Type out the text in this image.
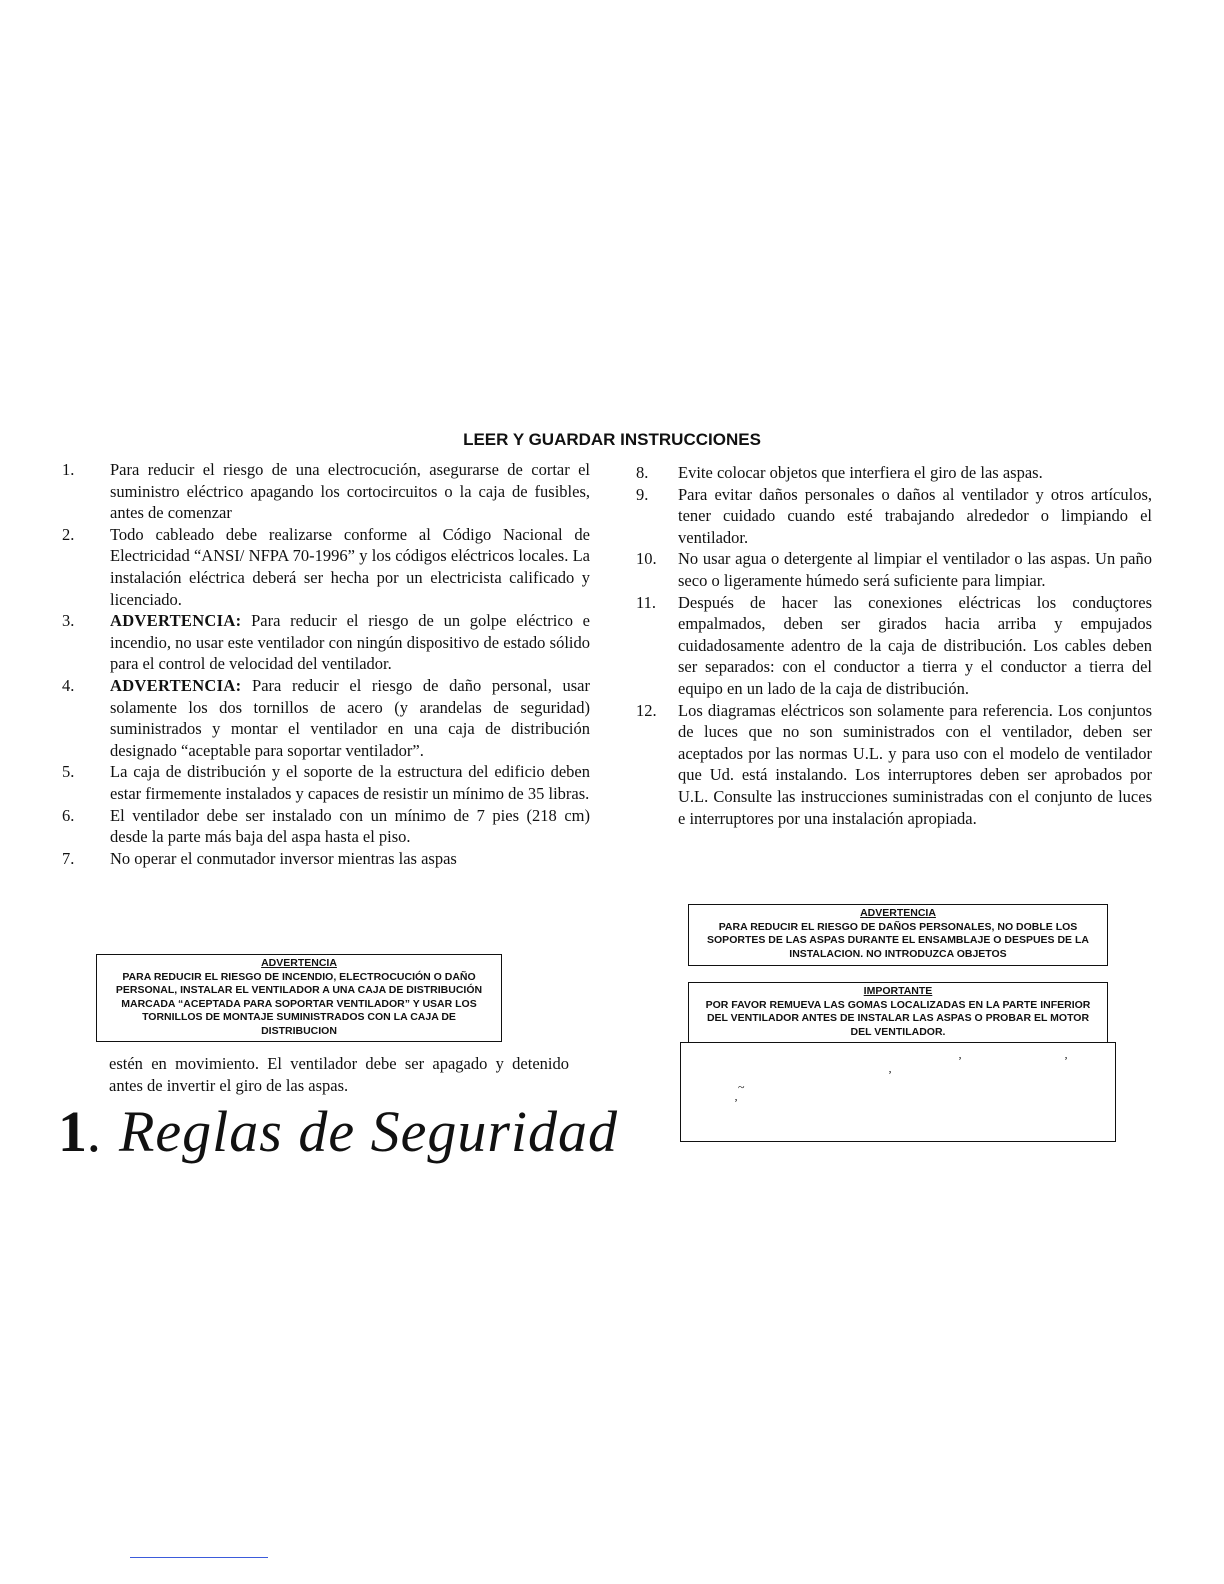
LEER Y GUARDAR INSTRUCCIONES
1.	Para reducir el riesgo de una electrocución, asegurarse de cortar el suministro eléctrico apagando los cortocircuitos o la caja de fusibles, antes de comenzar
2.	Todo cableado debe realizarse conforme al Código Nacional de Electricidad “ANSI/ NFPA 70-1996” y los códigos eléctricos locales. La instalación eléctrica deberá ser hecha por un electricista calificado y licenciado.
3.	ADVERTENCIA: Para reducir el riesgo de un golpe eléctrico e incendio, no usar este ventilador con ningún dispositivo de estado sólido para el control de velocidad del ventilador.
4.	ADVERTENCIA: Para reducir el riesgo de daño personal, usar solamente los dos tornillos de acero (y arandelas de seguridad) suministrados y montar el ventilador en una caja de distribución designado “aceptable para soportar ventilador”.
5.	La caja de distribución y el soporte de la estructura del edificio deben estar firmemente instalados y capaces de resistir un mínimo de 35 libras.
6.	El ventilador debe ser instalado con un mínimo de 7 pies (218 cm) desde la parte más baja del aspa hasta el piso.
7.	No operar el conmutador inversor mientras las aspas
ADVERTENCIA
PARA REDUCIR EL RIESGO DE INCENDIO, ELECTROCUCIÓN O DAÑO PERSONAL, INSTALAR EL VENTILADOR A UNA CAJA DE DISTRIBUCIÓN MARCADA “ACEPTADA PARA SOPORTAR VENTILADOR” Y USAR LOS TORNILLOS DE MONTAJE SUMINISTRADOS CON LA CAJA DE DISTRIBUCION
estén en movimiento. El ventilador debe ser apagado y detenido antes de invertir el giro de las aspas.
1. Reglas de Seguridad
8.	Evite colocar objetos que interfiera el giro de las aspas.
9.	Para evitar daños personales o daños al ventilador y otros artículos, tener cuidado cuando esté trabajando alrededor o limpiando el ventilador.
10.	No usar agua o detergente al limpiar el ventilador o las aspas. Un paño seco o ligeramente húmedo será suficiente para limpiar.
11.	Después de hacer las conexiones eléctricas los conduçtores empalmados, deben ser girados hacia arriba y empujados cuidadosamente adentro de la caja de distribución. Los cables deben ser separados: con el conductor a tierra y el conductor a tierra del equipo en un lado de la caja de distribución.
12.	Los diagramas eléctricos son solamente para referencia. Los conjuntos de luces que no son suministrados con el ventilador, deben ser aceptados por las normas U.L. y para uso con el modelo de ventilador que Ud. está instalando. Los interruptores deben ser aprobados por U.L. Consulte las instrucciones suministradas con el conjunto de luces e interruptores por una instalación apropiada.
ADVERTENCIA
PARA REDUCIR EL RIESGO DE DAÑOS PERSONALES, NO DOBLE LOS SOPORTES DE LAS ASPAS DURANTE EL ENSAMBLAJE O DESPUES DE LA INSTALACION. NO INTRODUZCA OBJETOS
IMPORTANTE
POR FAVOR REMUEVA LAS GOMAS LOCALIZADAS EN LA PARTE INFERIOR DEL VENTILADOR ANTES DE INSTALAR LAS ASPAS O PROBAR EL MOTOR DEL VENTILADOR.
ʼ
ʼ	ʼ
~
ʼ
